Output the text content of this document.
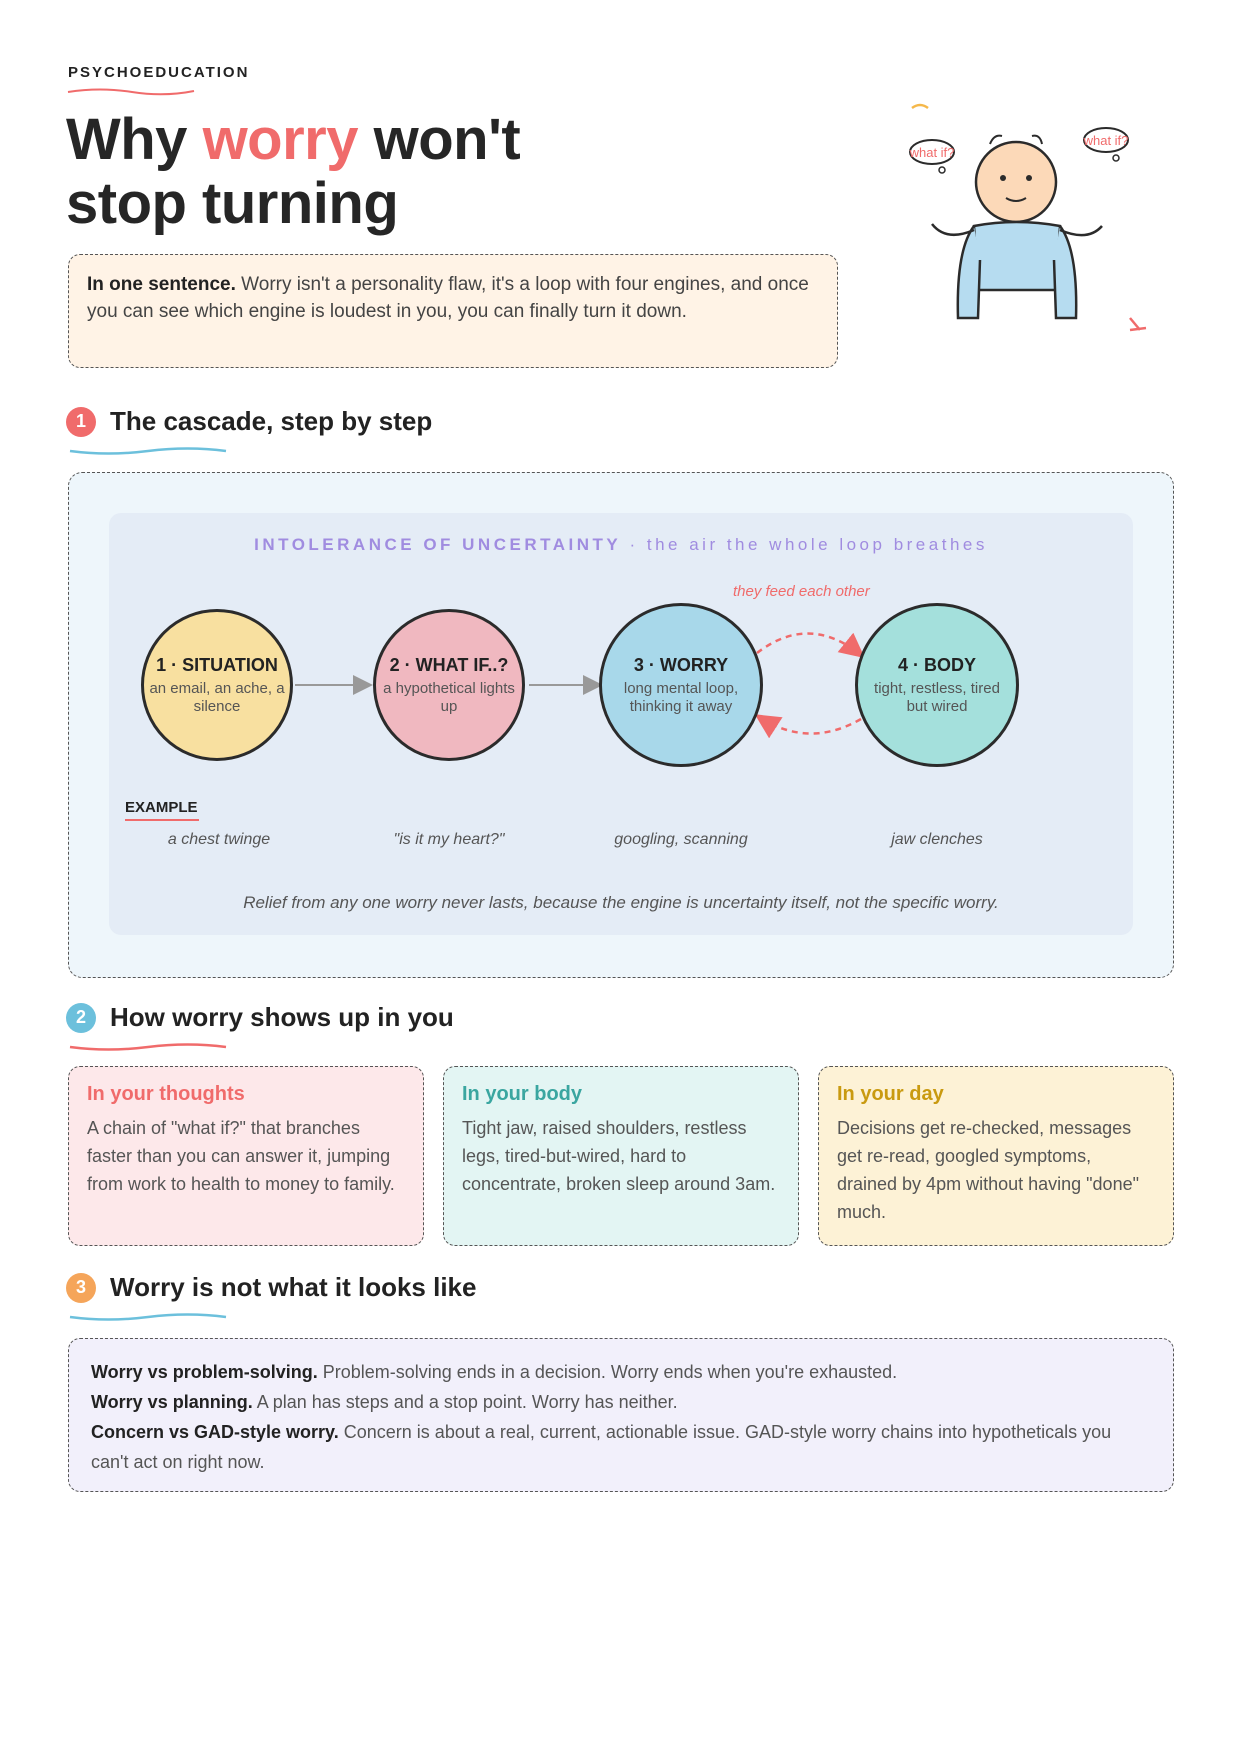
PSYCHOEDUCATION
Why worry won't
stop turning
In one sentence. Worry isn't a personality flaw, it's a loop with four engines, and once you can see which engine is loudest in you, you can finally turn it down.
what if?
what if?
1 The cascade, step by step
INTOLERANCE OF UNCERTAINTY · the air the whole loop breathes
they feed each other
1 · SITUATION
an email, an ache, a silence
2 · WHAT IF..?
a hypothetical lights up
3 · WORRY
long mental loop, thinking it away
4 · BODY
tight, restless, tired but wired
EXAMPLE
a chest twinge	"is it my heart?"	googling, scanning	jaw clenches
Relief from any one worry never lasts, because the engine is uncertainty itself, not the specific worry.
2 How worry shows up in you
In your thoughts
A chain of "what if?" that branches faster than you can answer it, jumping from work to health to money to family.
In your body
Tight jaw, raised shoulders, restless legs, tired-but-wired, hard to concentrate, broken sleep around 3am.
In your day
Decisions get re-checked, messages get re-read, googled symptoms, drained by 4pm without having "done" much.
3 Worry is not what it looks like
Worry vs problem-solving. Problem-solving ends in a decision. Worry ends when you're exhausted.
Worry vs planning. A plan has steps and a stop point. Worry has neither.
Concern vs GAD-style worry. Concern is about a real, current, actionable issue. GAD-style worry chains into hypotheticals you can't act on right now.
